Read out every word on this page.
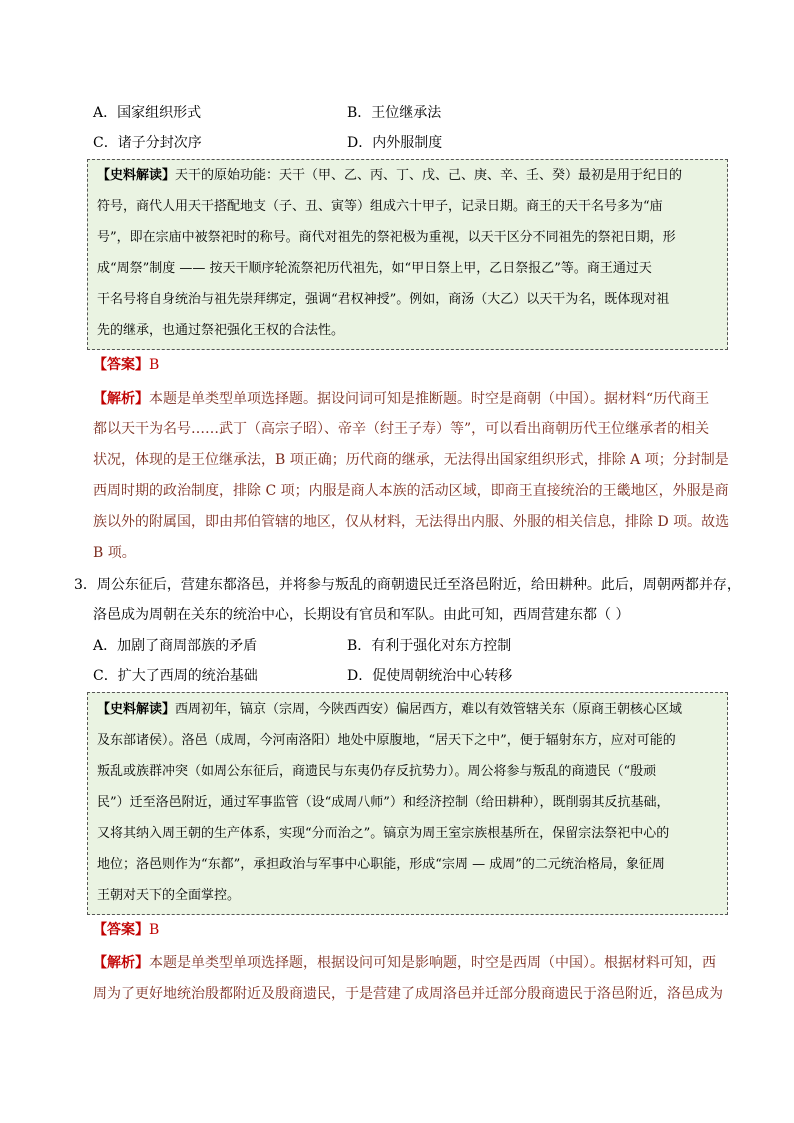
A．国家组织形式	B．王位继承法
C．诸子分封次序	D．内外服制度
【史料解读】天干的原始功能：天干（甲、乙、丙、丁、戊、己、庚、辛、壬、癸）最初是用于纪日的
符号，商代人用天干搭配地支（子、丑、寅等）组成六十甲子，记录日期。商王的天干名号多为“庙
号”，即在宗庙中被祭祀时的称号。商代对祖先的祭祀极为重视，以天干区分不同祖先的祭祀日期，形
成“周祭”制度 —— 按天干顺序轮流祭祀历代祖先，如“甲日祭上甲，乙日祭报乙”等。商王通过天
干名号将自身统治与祖先崇拜绑定，强调“君权神授”。例如，商汤（大乙）以天干为名，既体现对祖
先的继承，也通过祭祀强化王权的合法性。
【答案】B
【解析】本题是单类型单项选择题。据设问词可知是推断题。时空是商朝（中国）。据材料“历代商王
都以天干为名号……武丁（高宗子昭）、帝辛（纣王子寿）等”，可以看出商朝历代王位继承者的相关
状况，体现的是王位继承法，B 项正确；历代商的继承，无法得出国家组织形式，排除 A 项；分封制是
西周时期的政治制度，排除 C 项；内服是商人本族的活动区域，即商王直接统治的王畿地区，外服是商
族以外的附属国，即由邦伯管辖的地区，仅从材料，无法得出内服、外服的相关信息，排除 D 项。故选
B 项。
3．周公东征后，营建东都洛邑，并将参与叛乱的商朝遗民迁至洛邑附近，给田耕种。此后，周朝两都并存，
洛邑成为周朝在关东的统治中心，长期设有官员和军队。由此可知，西周营建东都（ ）
A．加剧了商周部族的矛盾	B．有利于强化对东方控制
C．扩大了西周的统治基础	D．促使周朝统治中心转移
【史料解读】西周初年，镐京（宗周，今陕西西安）偏居西方，难以有效管辖关东（原商王朝核心区域
及东部诸侯）。洛邑（成周，今河南洛阳）地处中原腹地，“居天下之中”，便于辐射东方，应对可能的
叛乱或族群冲突（如周公东征后，商遗民与东夷仍存反抗势力）。周公将参与叛乱的商遗民（“殷顽
民”）迁至洛邑附近，通过军事监管（设“成周八师”）和经济控制（给田耕种），既削弱其反抗基础，
又将其纳入周王朝的生产体系，实现“分而治之”。镐京为周王室宗族根基所在，保留宗法祭祀中心的
地位；洛邑则作为“东都”，承担政治与军事中心职能，形成“宗周 — 成周”的二元统治格局，象征周
王朝对天下的全面掌控。
【答案】B
【解析】本题是单类型单项选择题，根据设问可知是影响题，时空是西周（中国）。根据材料可知，西
周为了更好地统治殷都附近及殷商遗民，于是营建了成周洛邑并迁部分殷商遗民于洛邑附近，洛邑成为
